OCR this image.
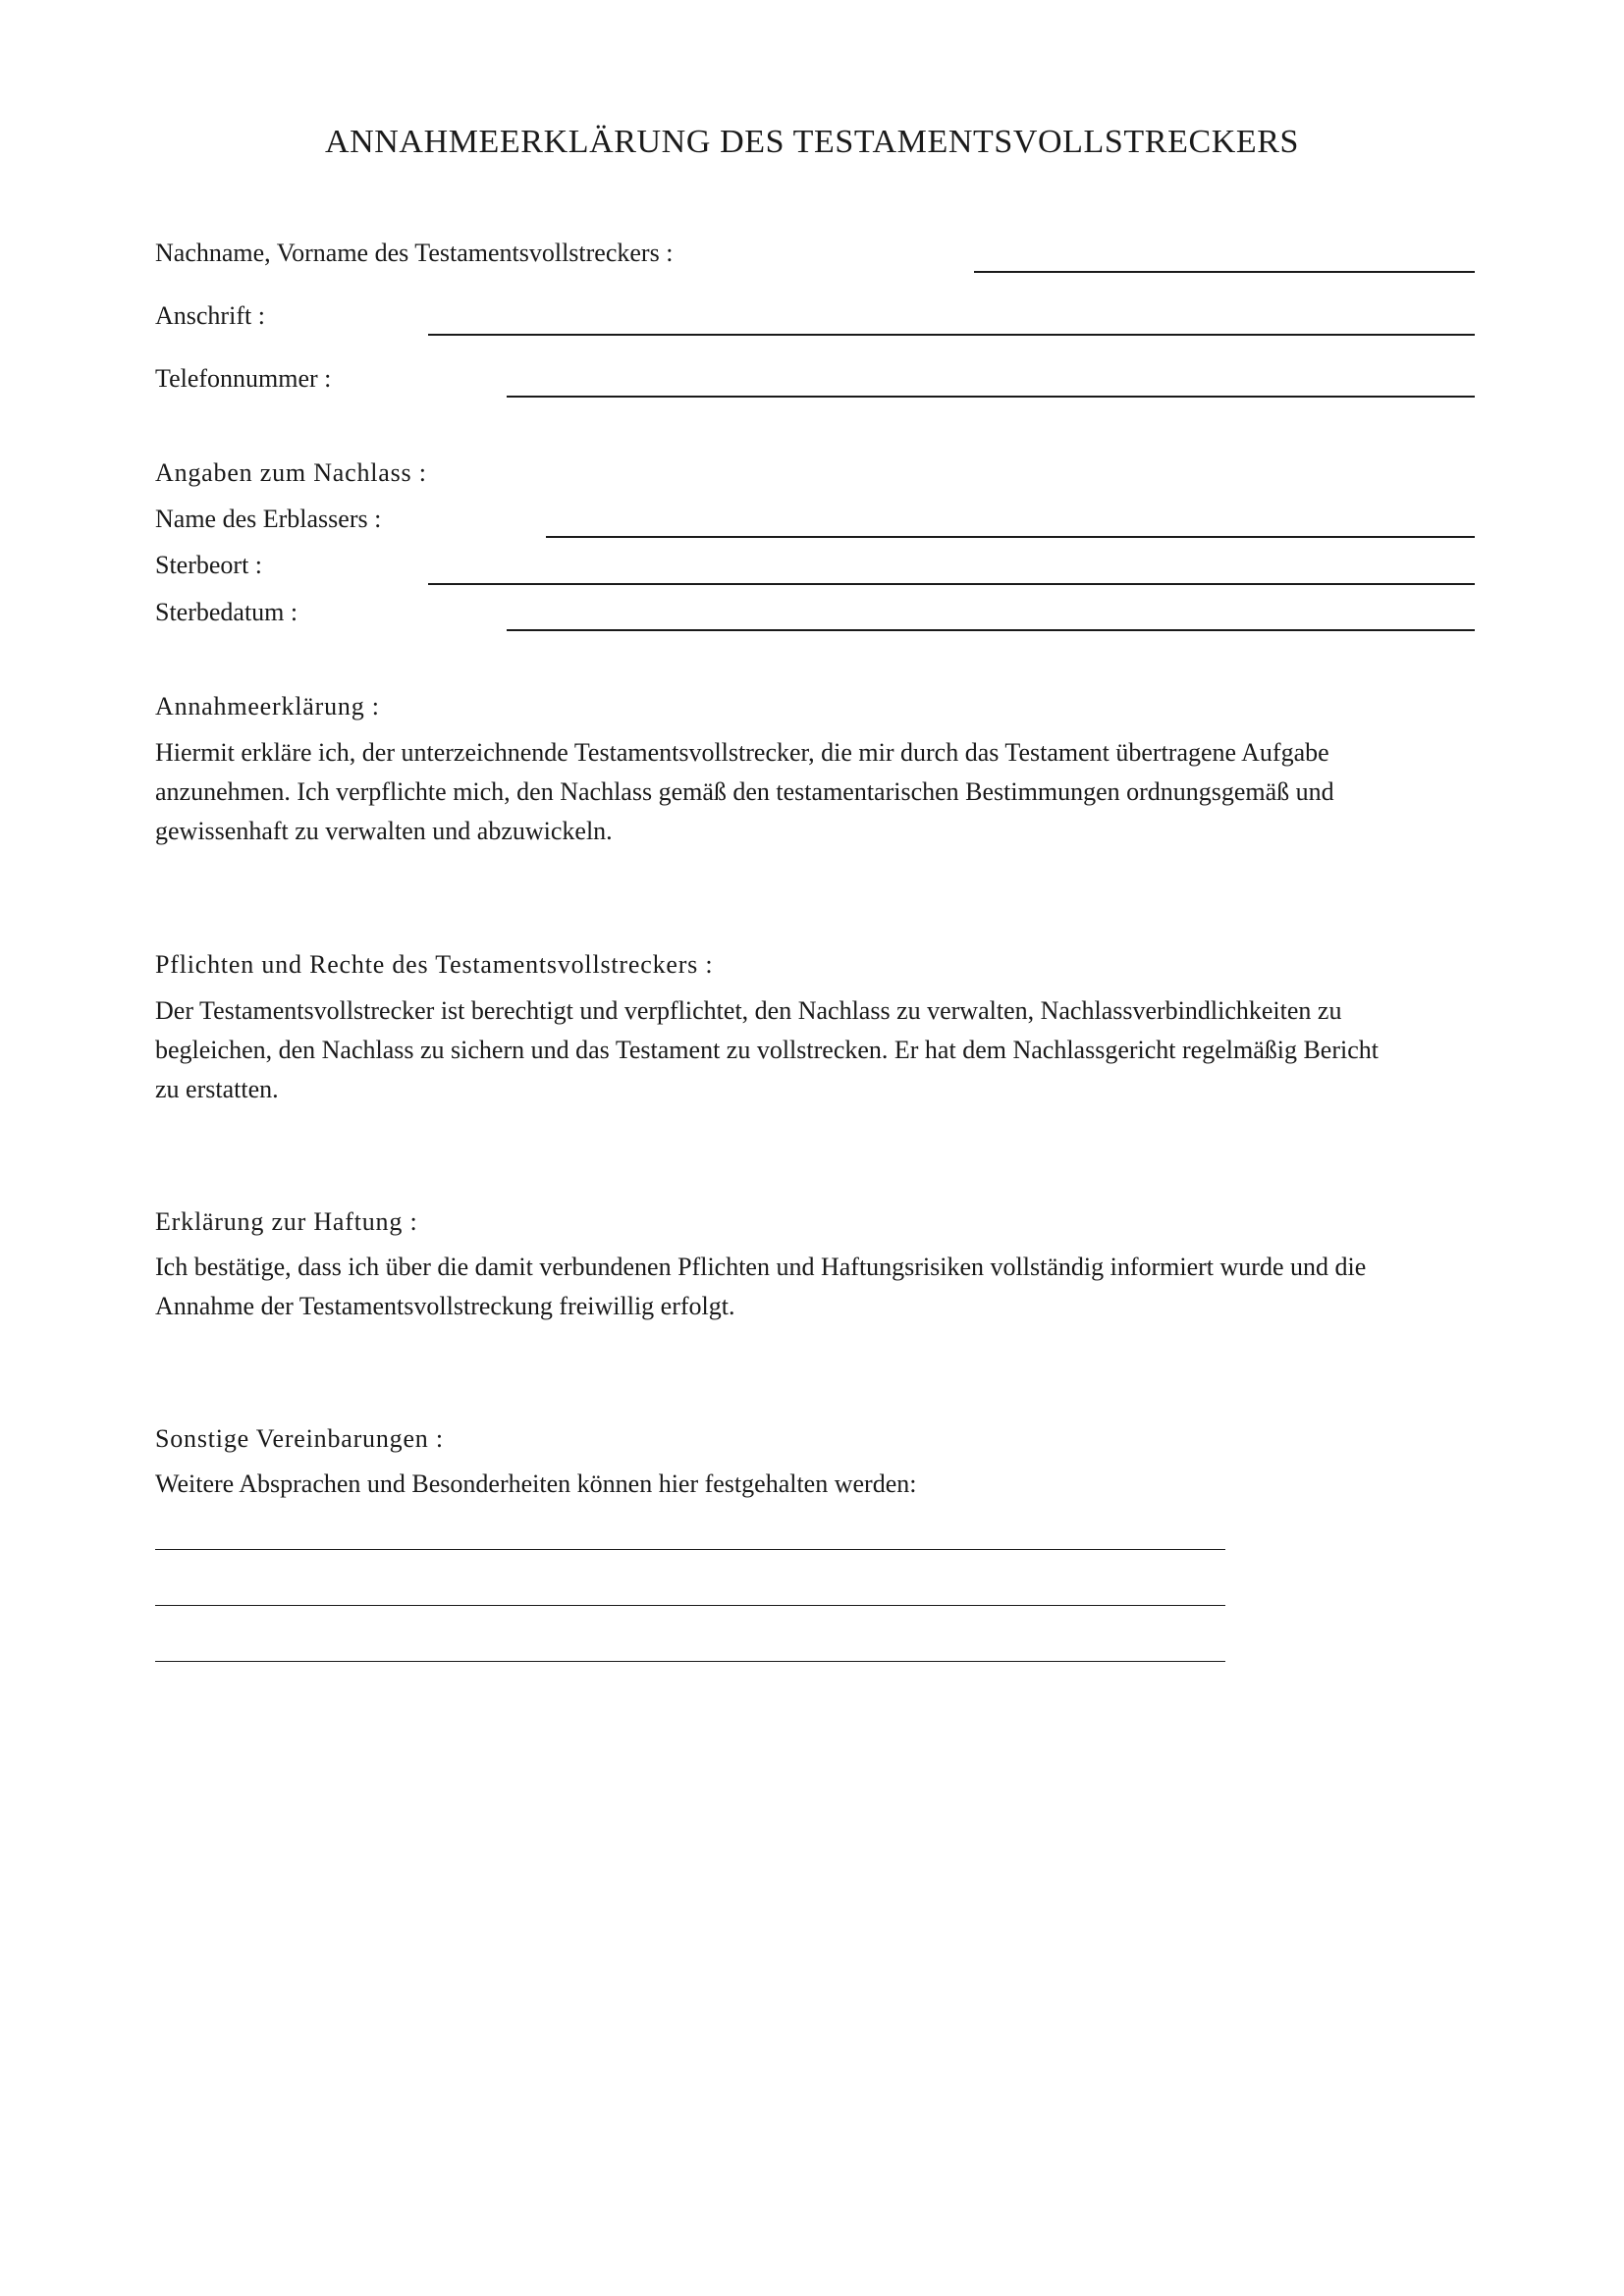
ANNAHMEERKLÄRUNG DES TESTAMENTSVOLLSTRECKERS
Nachname, Vorname des Testamentsvollstreckers :
Anschrift :
Telefonnummer :
Angaben zum Nachlass :
Name des Erblassers :
Sterbeort :
Sterbedatum :
Annahmeerklärung :

Hiermit erkläre ich, der unterzeichnende Testamentsvollstrecker, die mir durch das Testament übertragene Aufgabe
anzunehmen. Ich verpflichte mich, den Nachlass gemäß den testamentarischen Bestimmungen ordnungsgemäß und
gewissenhaft zu verwalten und abzuwickeln.

Pflichten und Rechte des Testamentsvollstreckers :

Der Testamentsvollstrecker ist berechtigt und verpflichtet, den Nachlass zu verwalten, Nachlassverbindlichkeiten zu
begleichen, den Nachlass zu sichern und das Testament zu vollstrecken. Er hat dem Nachlassgericht regelmäßig Bericht
zu erstatten.

Erklärung zur Haftung :

Ich bestätige, dass ich über die damit verbundenen Pflichten und Haftungsrisiken vollständig informiert wurde und die
Annahme der Testamentsvollstreckung freiwillig erfolgt.

Sonstige Vereinbarungen :

Weitere Absprachen und Besonderheiten können hier festgehalten werden:
